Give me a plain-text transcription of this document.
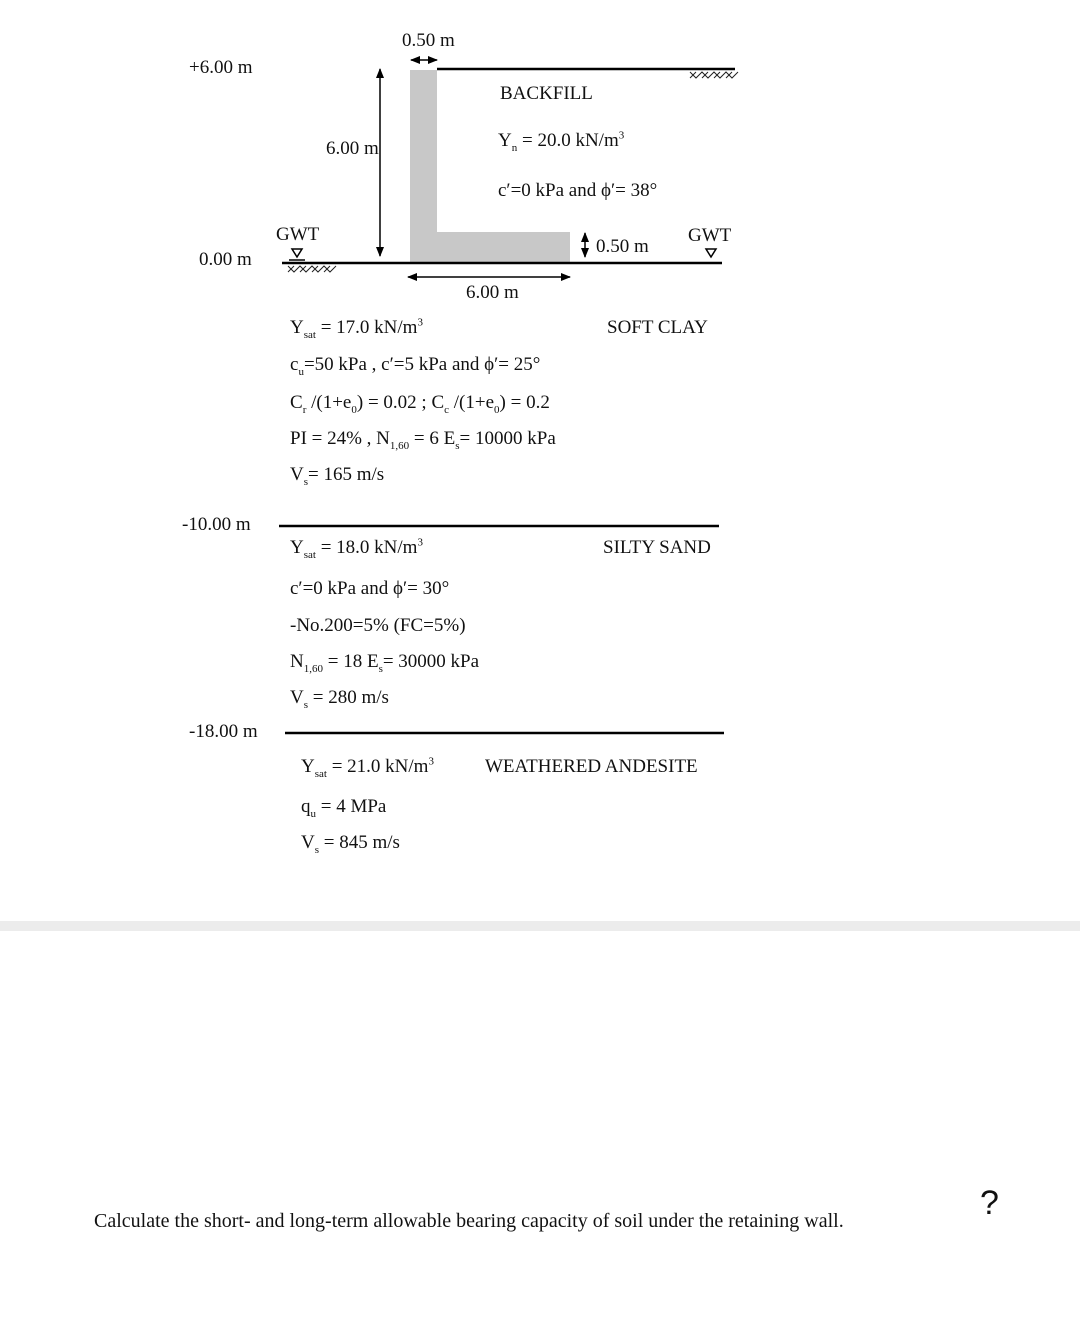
+6.00 m
0.00 m
-10.00 m
-18.00 m
0.50 m
6.00 m
0.50 m
6.00 m
GWT	GWT
BACKFILL
$\Upsilon_n = 20.0$ $kN/m^3$
c′=0 kPa and ϕ′= 38°
SOFT CLAY
$\Upsilon_{sat} = 17.0$ $kN/m^3$
$c_u=50$ kPa , c′=5 kPa and ϕ′= 25°
$C_r$ $/(1+e_0) = 0.02$ ; $C_c$ $/(1+e_0) = 0.2$
PI = 24% , $N_{1,60} = 6$ $E_s= 10000$ kPa
$V_s= 165$ m/s
SILTY SAND
$\Upsilon_{sat} = 18.0$ $kN/m^3$
c′=0 kPa and ϕ′= 30°
-No.200=5% (FC=5%)
$N_{1,60} = 18$ $E_s= 30000$ kPa
$V_s = 280$ m/s
WEATHERED ANDESITE
$\Upsilon_{sat} = 21.0$ $kN/m^3$
$q_u = 4$ MPa
$V_s = 845$ m/s
Calculate the short- and long-term allowable bearing capacity of soil under the retaining wall.	?
